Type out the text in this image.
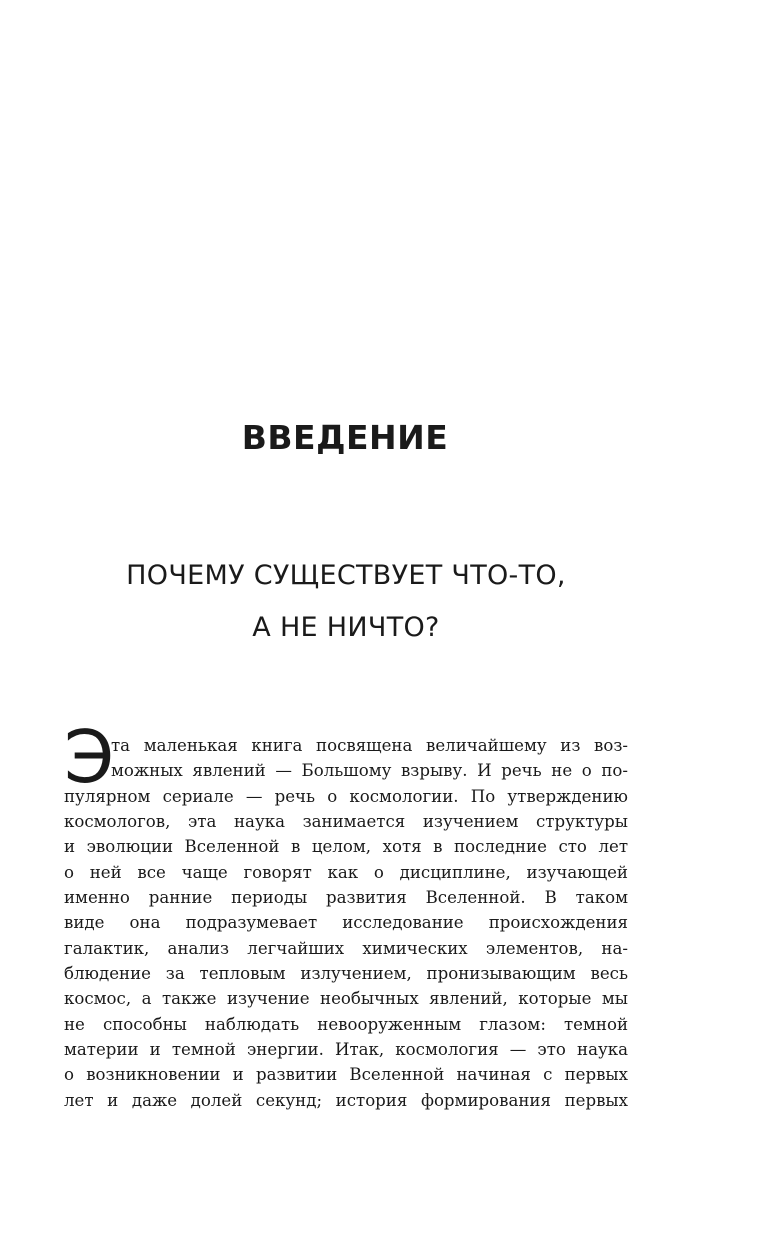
ВВЕДЕНИЕ
ПОЧЕМУ СУЩЕСТВУЕТ ЧТО-ТО,
А НЕ НИЧТО?
Э
та маленькая книга посвящена величайшему из воз-
можных явлений — Большому взрыву. И речь не о по-
пулярном сериале — речь о космологии. По утверждению
космологов, эта наука занимается изучением структуры
и эволюции Вселенной в целом, хотя в последние сто лет
о ней все чаще говорят как о дисциплине, изучающей
именно ранние периоды развития Вселенной. В таком
виде она подразумевает исследование происхождения
галактик, анализ легчайших химических элементов, на-
блюдение за тепловым излучением, пронизывающим весь
космос, а также изучение необычных явлений, которые мы
не способны наблюдать невооруженным глазом: темной
материи и темной энергии. Итак, космология — это наука
о возникновении и развитии Вселенной начиная с первых
лет и даже долей секунд; история формирования первых
